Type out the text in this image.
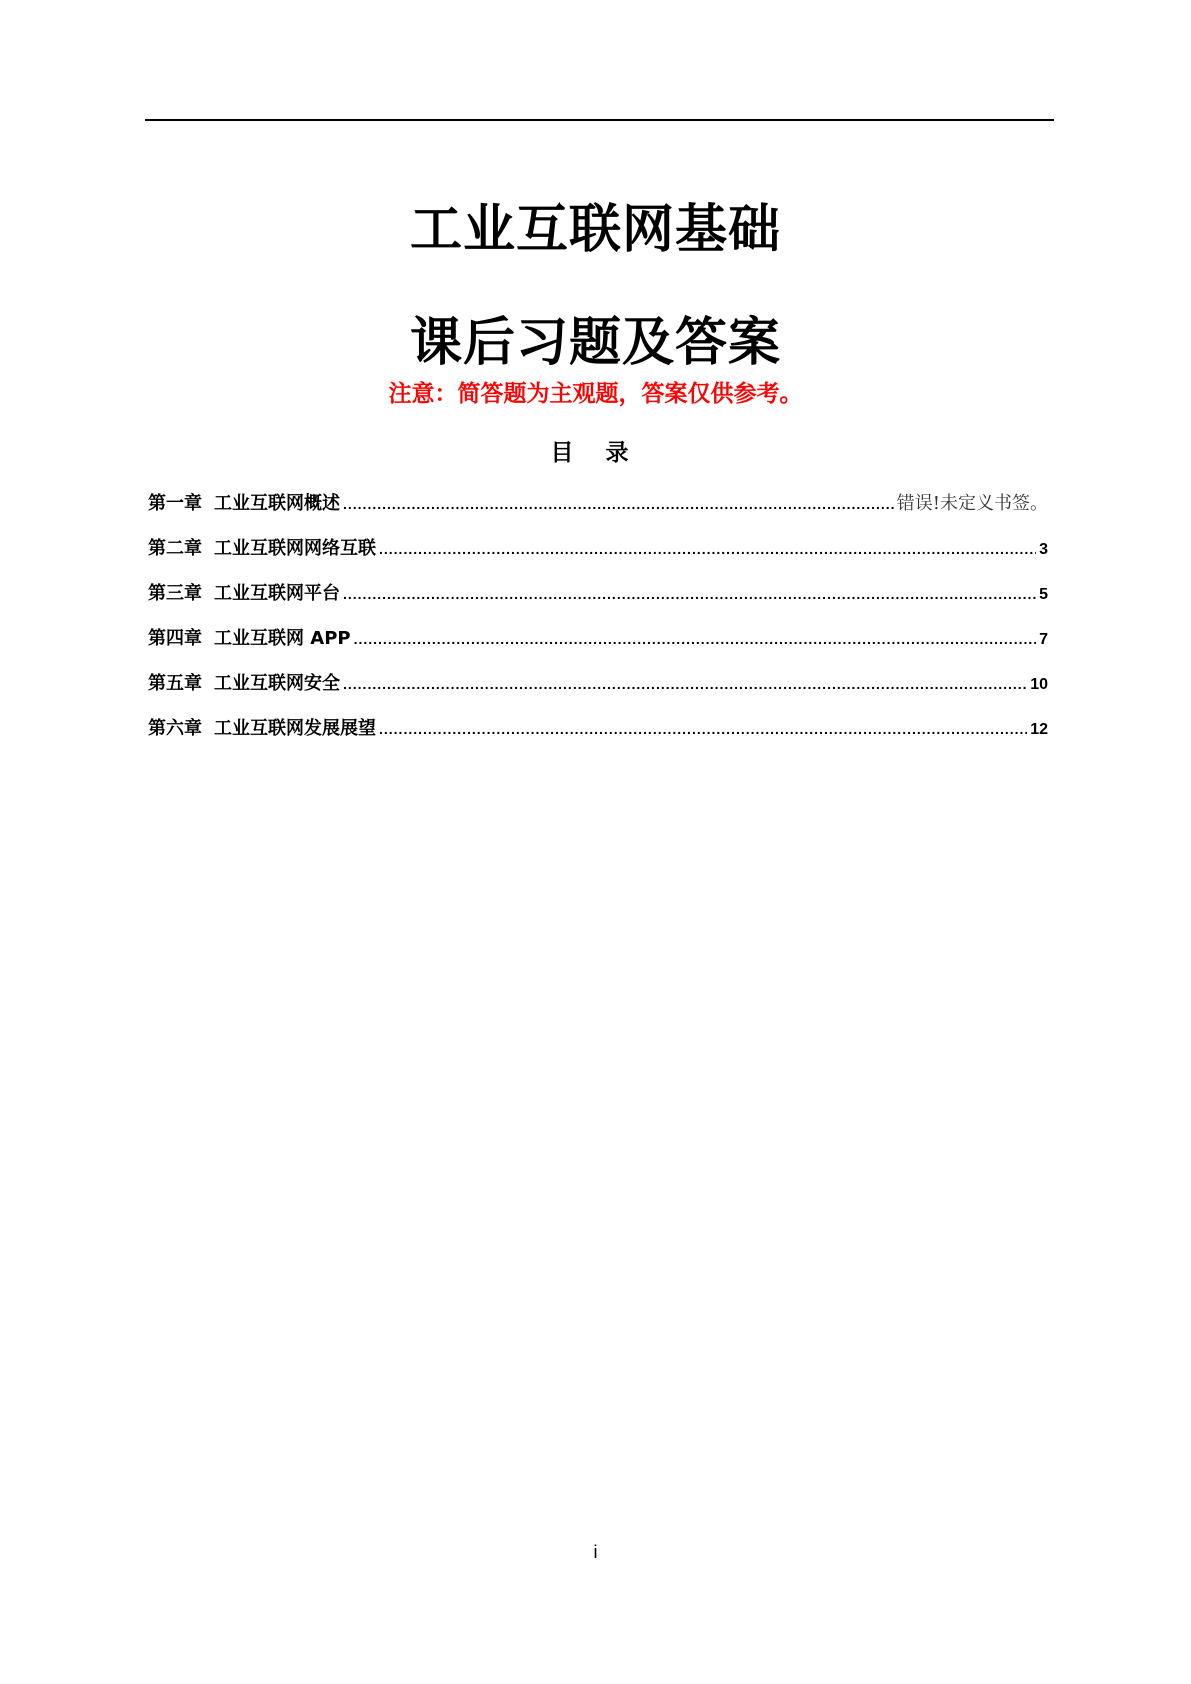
工业互联网基础
课后习题及答案
注意：简答题为主观题，答案仅供参考。
目 录
第一章 工业互联网概述 .....	错误!未定义书签。
第二章 工业互联网网络互联 .....	3
第三章 工业互联网平台 .....	5
第四章 工业互联网 APP .....	7
第五章 工业互联网安全 .....	10
第六章 工业互联网发展展望 .....	12
i
